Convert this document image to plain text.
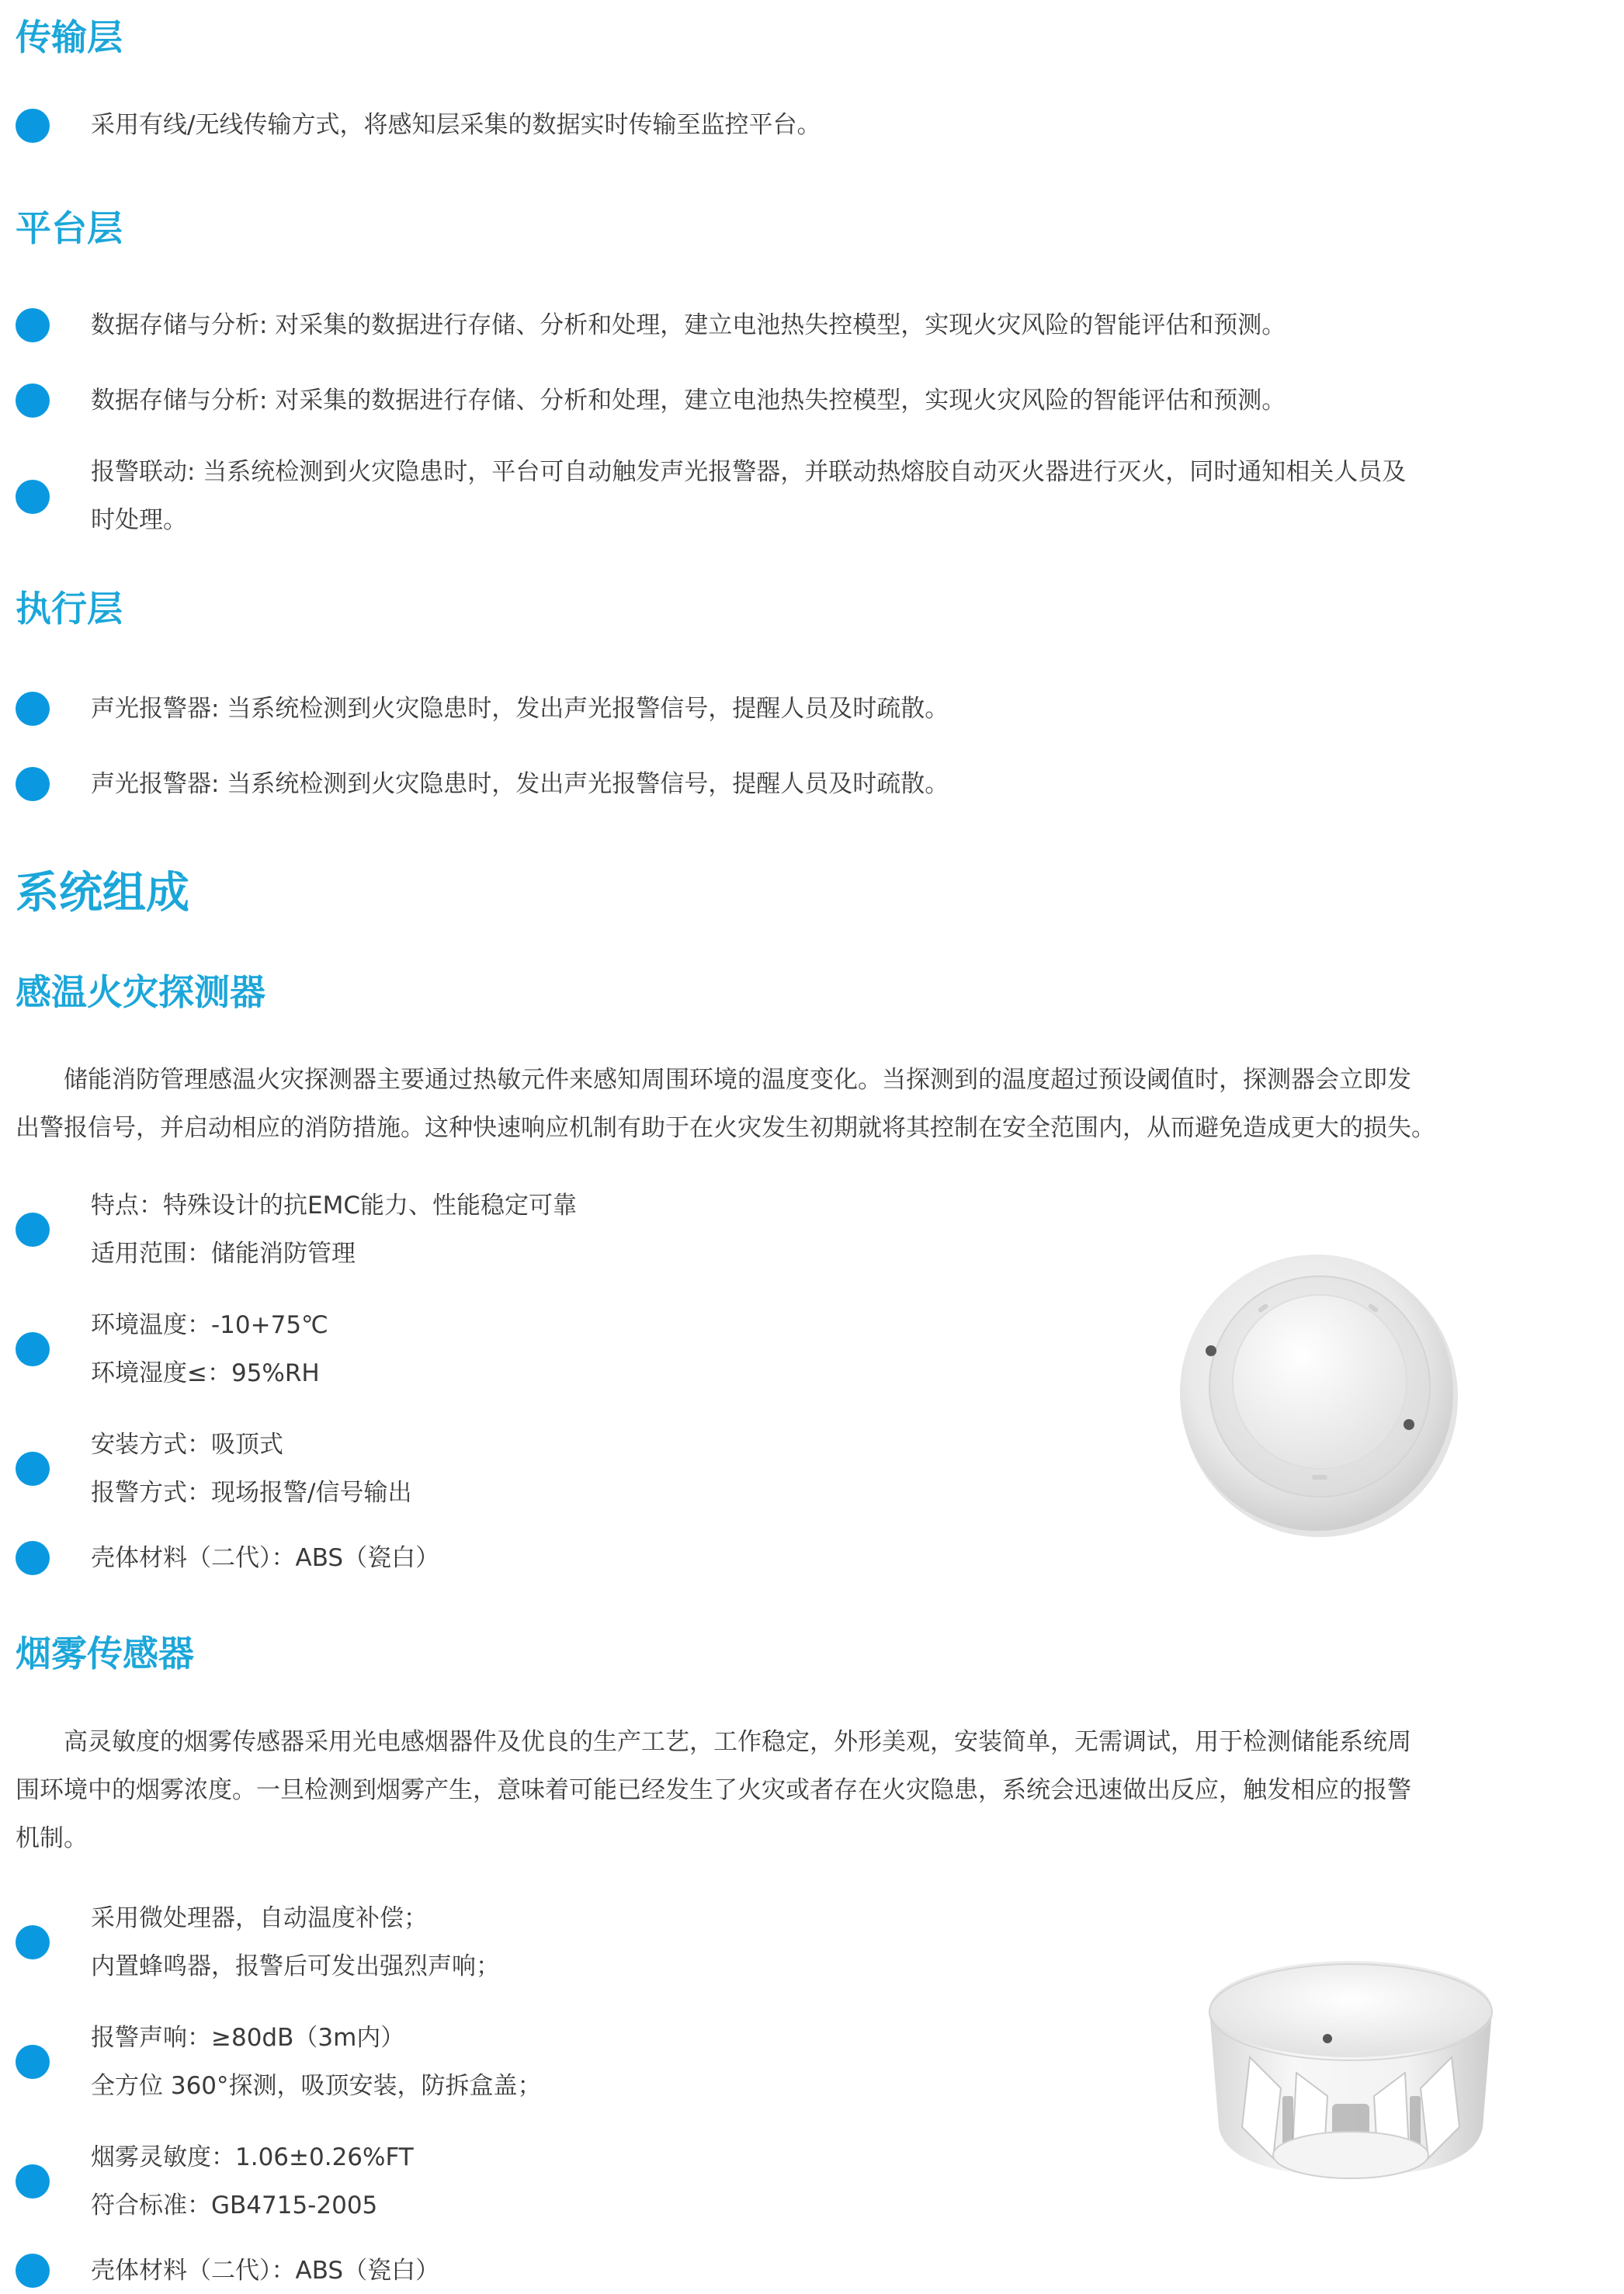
传输层
采用有线/无线传输方式，将感知层采集的数据实时传输至监控平台。
平台层
数据存储与分析: 对采集的数据进行存储、分析和处理，建立电池热失控模型，实现火灾风险的智能评估和预测。
数据存储与分析: 对采集的数据进行存储、分析和处理，建立电池热失控模型，实现火灾风险的智能评估和预测。
报警联动: 当系统检测到火灾隐患时，平台可自动触发声光报警器，并联动热熔胶自动灭火器进行灭火，同时通知相关人员及
时处理。
执行层
声光报警器: 当系统检测到火灾隐患时，发出声光报警信号，提醒人员及时疏散。
声光报警器: 当系统检测到火灾隐患时，发出声光报警信号，提醒人员及时疏散。
系统组成
感温火灾探测器
储能消防管理感温火灾探测器主要通过热敏元件来感知周围环境的温度变化。当探测到的温度超过预设阈值时，探测器会立即发
出警报信号，并启动相应的消防措施。这种快速响应机制有助于在火灾发生初期就将其控制在安全范围内，从而避免造成更大的损失。
特点：特殊设计的抗EMC能力、性能稳定可靠
适用范围：储能消防管理
环境温度：-10+75℃
环境湿度≤：95%RH
安装方式：吸顶式
报警方式：现场报警/信号输出
壳体材料（二代）：ABS（瓷白）
烟雾传感器
高灵敏度的烟雾传感器采用光电感烟器件及优良的生产工艺，工作稳定，外形美观，安装简单，无需调试，用于检测储能系统周
围环境中的烟雾浓度。一旦检测到烟雾产生，意味着可能已经发生了火灾或者存在火灾隐患，系统会迅速做出反应，触发相应的报警
机制。
采用微处理器，自动温度补偿；
内置蜂鸣器，报警后可发出强烈声响；
报警声响：≥80dB（3m内）
全方位 360°探测，吸顶安装，防拆盒盖；
烟雾灵敏度：1.06±0.26%FT
符合标准：GB4715-2005
壳体材料（二代）：ABS（瓷白）
